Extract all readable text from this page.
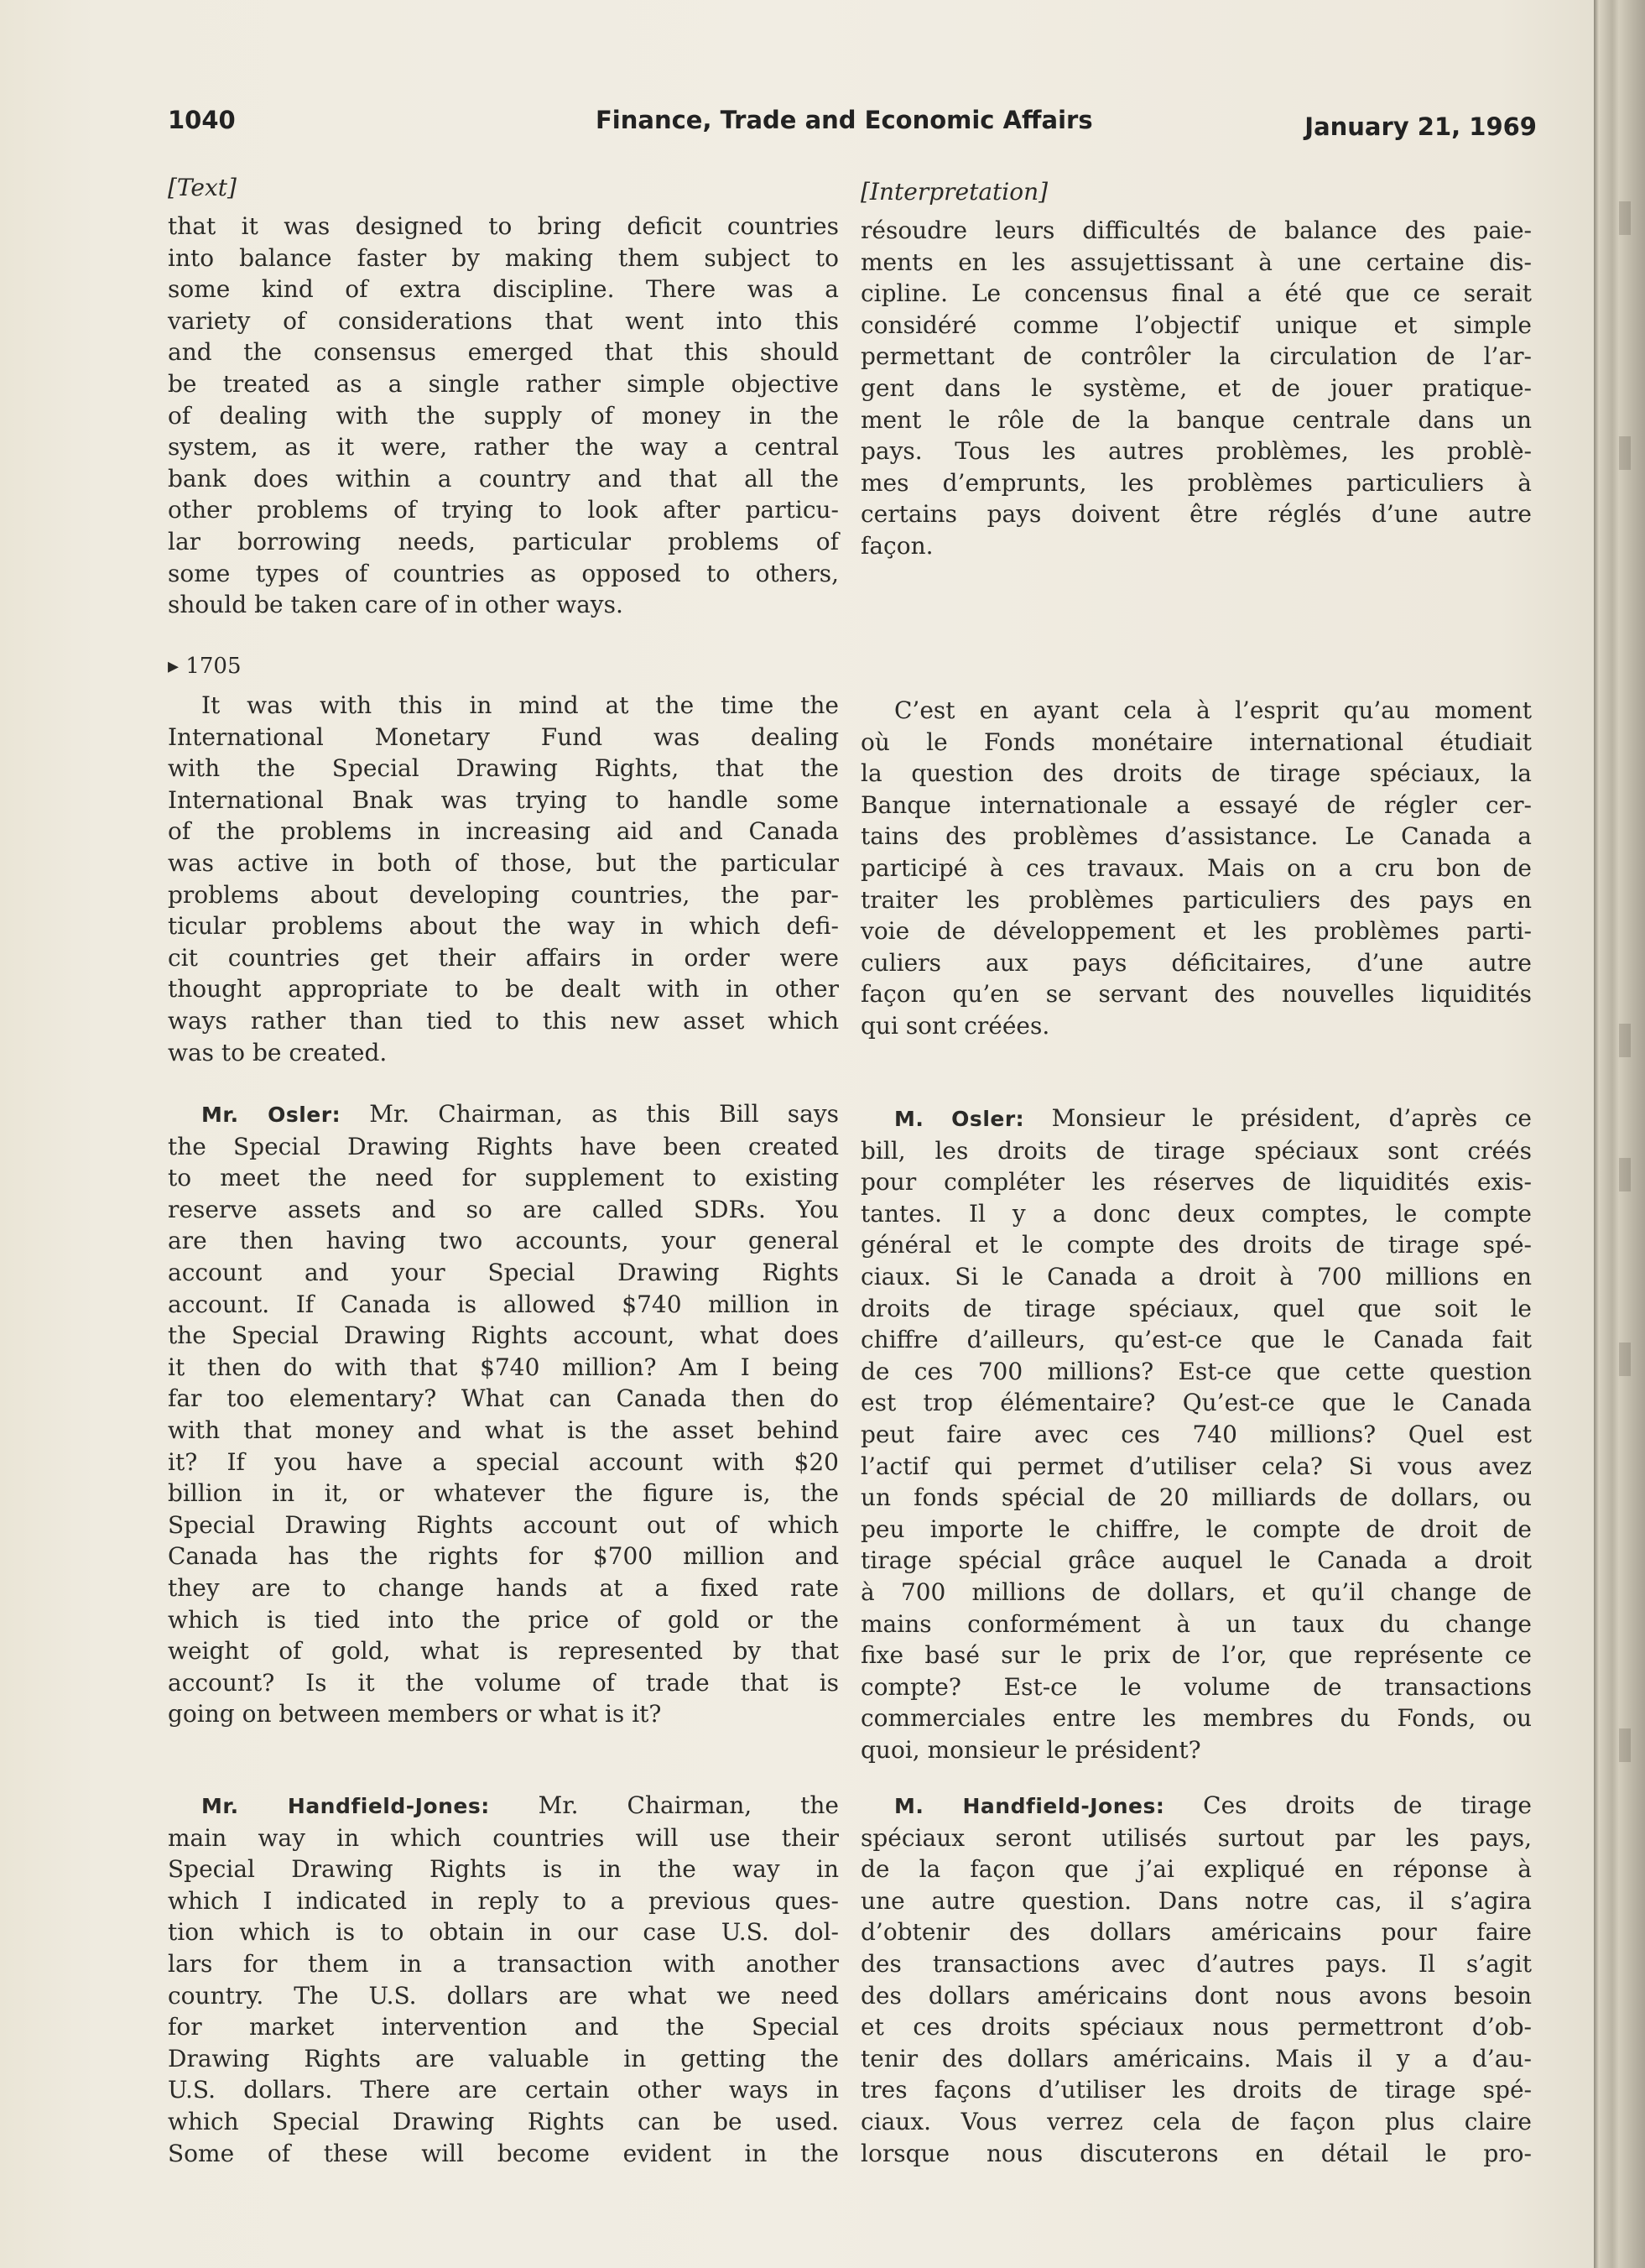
1040	Finance, Trade and Economic Affairs	January 21, 1969
[Text]
that it was designed to bring deficit countries
into balance faster by making them subject to
some kind of extra discipline. There was a
variety of considerations that went into this
and the consensus emerged that this should
be treated as a single rather simple objective
of dealing with the supply of money in the
system, as it were, rather the way a central
bank does within a country and that all the
other problems of trying to look after particu-
lar borrowing needs, particular problems of
some types of countries as opposed to others,
should be taken care of in other ways.
▸ 1705
It was with this in mind at the time the
International Monetary Fund was dealing
with the Special Drawing Rights, that the
International Bnak was trying to handle some
of the problems in increasing aid and Canada
was active in both of those, but the particular
problems about developing countries, the par-
ticular problems about the way in which defi-
cit countries get their affairs in order were
thought appropriate to be dealt with in other
ways rather than tied to this new asset which
was to be created.
Mr. Osler: Mr. Chairman, as this Bill says
the Special Drawing Rights have been created
to meet the need for supplement to existing
reserve assets and so are called SDRs. You
are then having two accounts, your general
account and your Special Drawing Rights
account. If Canada is allowed $740 million in
the Special Drawing Rights account, what does
it then do with that $740 million? Am I being
far too elementary? What can Canada then do
with that money and what is the asset behind
it? If you have a special account with $20
billion in it, or whatever the figure is, the
Special Drawing Rights account out of which
Canada has the rights for $700 million and
they are to change hands at a fixed rate
which is tied into the price of gold or the
weight of gold, what is represented by that
account? Is it the volume of trade that is
going on between members or what is it?
Mr. Handfield-Jones: Mr. Chairman, the
main way in which countries will use their
Special Drawing Rights is in the way in
which I indicated in reply to a previous ques-
tion which is to obtain in our case U.S. dol-
lars for them in a transaction with another
country. The U.S. dollars are what we need
for market intervention and the Special
Drawing Rights are valuable in getting the
U.S. dollars. There are certain other ways in
which Special Drawing Rights can be used.
Some of these will become evident in the
[Interpretation]
résoudre leurs difficultés de balance des paie-
ments en les assujettissant à une certaine dis-
cipline. Le concensus final a été que ce serait
considéré comme l’objectif unique et simple
permettant de contrôler la circulation de l’ar-
gent dans le système, et de jouer pratique-
ment le rôle de la banque centrale dans un
pays. Tous les autres problèmes, les problè-
mes d’emprunts, les problèmes particuliers à
certains pays doivent être réglés d’une autre
façon.
C’est en ayant cela à l’esprit qu’au moment
où le Fonds monétaire international étudiait
la question des droits de tirage spéciaux, la
Banque internationale a essayé de régler cer-
tains des problèmes d’assistance. Le Canada a
participé à ces travaux. Mais on a cru bon de
traiter les problèmes particuliers des pays en
voie de développement et les problèmes parti-
culiers aux pays déficitaires, d’une autre
façon qu’en se servant des nouvelles liquidités
qui sont créées.
M. Osler: Monsieur le président, d’après ce
bill, les droits de tirage spéciaux sont créés
pour compléter les réserves de liquidités exis-
tantes. Il y a donc deux comptes, le compte
général et le compte des droits de tirage spé-
ciaux. Si le Canada a droit à 700 millions en
droits de tirage spéciaux, quel que soit le
chiffre d’ailleurs, qu’est-ce que le Canada fait
de ces 700 millions? Est-ce que cette question
est trop élémentaire? Qu’est-ce que le Canada
peut faire avec ces 740 millions? Quel est
l’actif qui permet d’utiliser cela? Si vous avez
un fonds spécial de 20 milliards de dollars, ou
peu importe le chiffre, le compte de droit de
tirage spécial grâce auquel le Canada a droit
à 700 millions de dollars, et qu’il change de
mains conformément à un taux du change
fixe basé sur le prix de l’or, que représente ce
compte? Est-ce le volume de transactions
commerciales entre les membres du Fonds, ou
quoi, monsieur le président?
M. Handfield-Jones: Ces droits de tirage
spéciaux seront utilisés surtout par les pays,
de la façon que j’ai expliqué en réponse à
une autre question. Dans notre cas, il s’agira
d’obtenir des dollars américains pour faire
des transactions avec d’autres pays. Il s’agit
des dollars américains dont nous avons besoin
et ces droits spéciaux nous permettront d’ob-
tenir des dollars américains. Mais il y a d’au-
tres façons d’utiliser les droits de tirage spé-
ciaux. Vous verrez cela de façon plus claire
lorsque nous discuterons en détail le pro-
